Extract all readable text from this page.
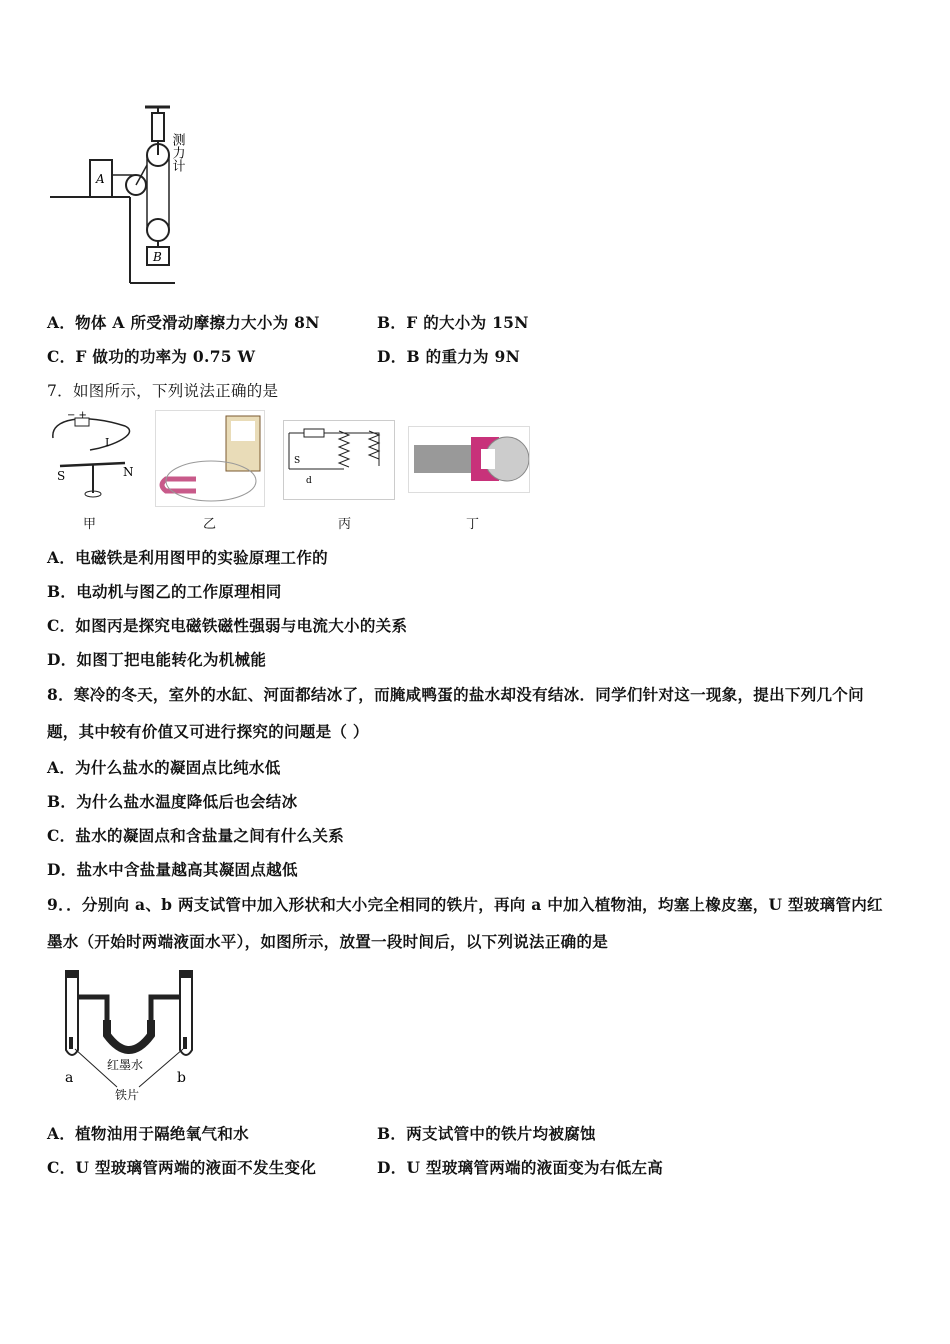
B
A
测力计
A．物体 A 所受滑动摩擦力大小为 8N	B．F 的大小为 15N
C．F 做功的功率为 0.75 W	D．B 的重力为 9N
7．如图所示，下列说法正确的是
− +
I
S	N
S
d
甲	乙	丙	丁
A．电磁铁是利用图甲的实验原理工作的
B．电动机与图乙的工作原理相同
C．如图丙是探究电磁铁磁性强弱与电流大小的关系
D．如图丁把电能转化为机械能
8．寒冷的冬天，室外的水缸、河面都结冰了，而腌咸鸭蛋的盐水却没有结冰．同学们针对这一现象，提出下列几个问
题，其中较有价值又可进行探究的问题是（ ）
A．为什么盐水的凝固点比纯水低
B．为什么盐水温度降低后也会结冰
C．盐水的凝固点和含盐量之间有什么关系
D．盐水中含盐量越高其凝固点越低
9．．分别向 a、b 两支试管中加入形状和大小完全相同的铁片，再向 a 中加入植物油，均塞上橡皮塞，U 型玻璃管内红
墨水（开始时两端液面水平），如图所示，放置一段时间后，以下列说法正确的是
红墨水
a	b
铁片
A．植物油用于隔绝氧气和水	B．两支试管中的铁片均被腐蚀
C．U 型玻璃管两端的液面不发生变化	D．U 型玻璃管两端的液面变为右低左高
